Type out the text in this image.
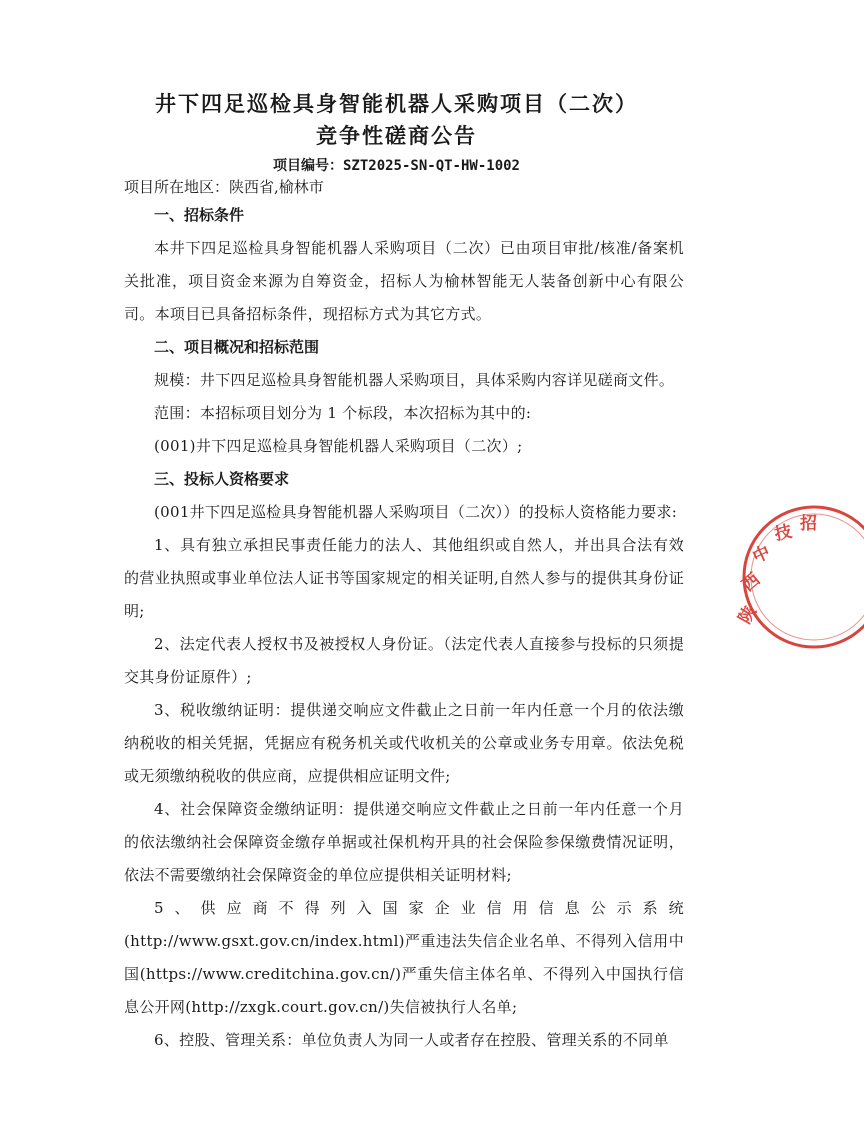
井下四足巡检具身智能机器人采购项目（二次）
竞争性磋商公告
项目编号：SZT2025-SN-QT-HW-1002

项目所在地区：陕西省,榆林市

一、招标条件

本井下四足巡检具身智能机器人采购项目（二次）已由项目审批/核准/备案机关批准，项目资金来源为自筹资金，招标人为榆林智能无人装备创新中心有限公司。本项目已具备招标条件，现招标方式为其它方式。

二、项目概况和招标范围

规模：井下四足巡检具身智能机器人采购项目，具体采购内容详见磋商文件。

范围：本招标项目划分为 1 个标段，本次招标为其中的:

(001)井下四足巡检具身智能机器人采购项目（二次）;

三、投标人资格要求

(001井下四足巡检具身智能机器人采购项目（二次））的投标人资格能力要求:

1、具有独立承担民事责任能力的法人、其他组织或自然人，并出具合法有效的营业执照或事业单位法人证书等国家规定的相关证明,自然人参与的提供其身份证明;

2、法定代表人授权书及被授权人身份证。（法定代表人直接参与投标的只须提交其身份证原件）;

3、税收缴纳证明：提供递交响应文件截止之日前一年内任意一个月的依法缴纳税收的相关凭据，凭据应有税务机关或代收机关的公章或业务专用章。依法免税或无须缴纳税收的供应商，应提供相应证明文件;

4、社会保障资金缴纳证明：提供递交响应文件截止之日前一年内任意一个月的依法缴纳社会保障资金缴存单据或社保机构开具的社会保险参保缴费情况证明，依法不需要缴纳社会保障资金的单位应提供相关证明材料;

5、供应商不得列入国家企业信用信息公示系统(http://www.gsxt.gov.cn/index.html)严重违法失信企业名单、不得列入信用中国(https://www.creditchina.gov.cn/)严重失信主体名单、不得列入中国执行信息公开网(http://zxgk.court.gov.cn/)失信被执行人名单;

6、控股、管理关系：单位负责人为同一人或者存在控股、管理关系的不同单

陕
西
中
技 招
